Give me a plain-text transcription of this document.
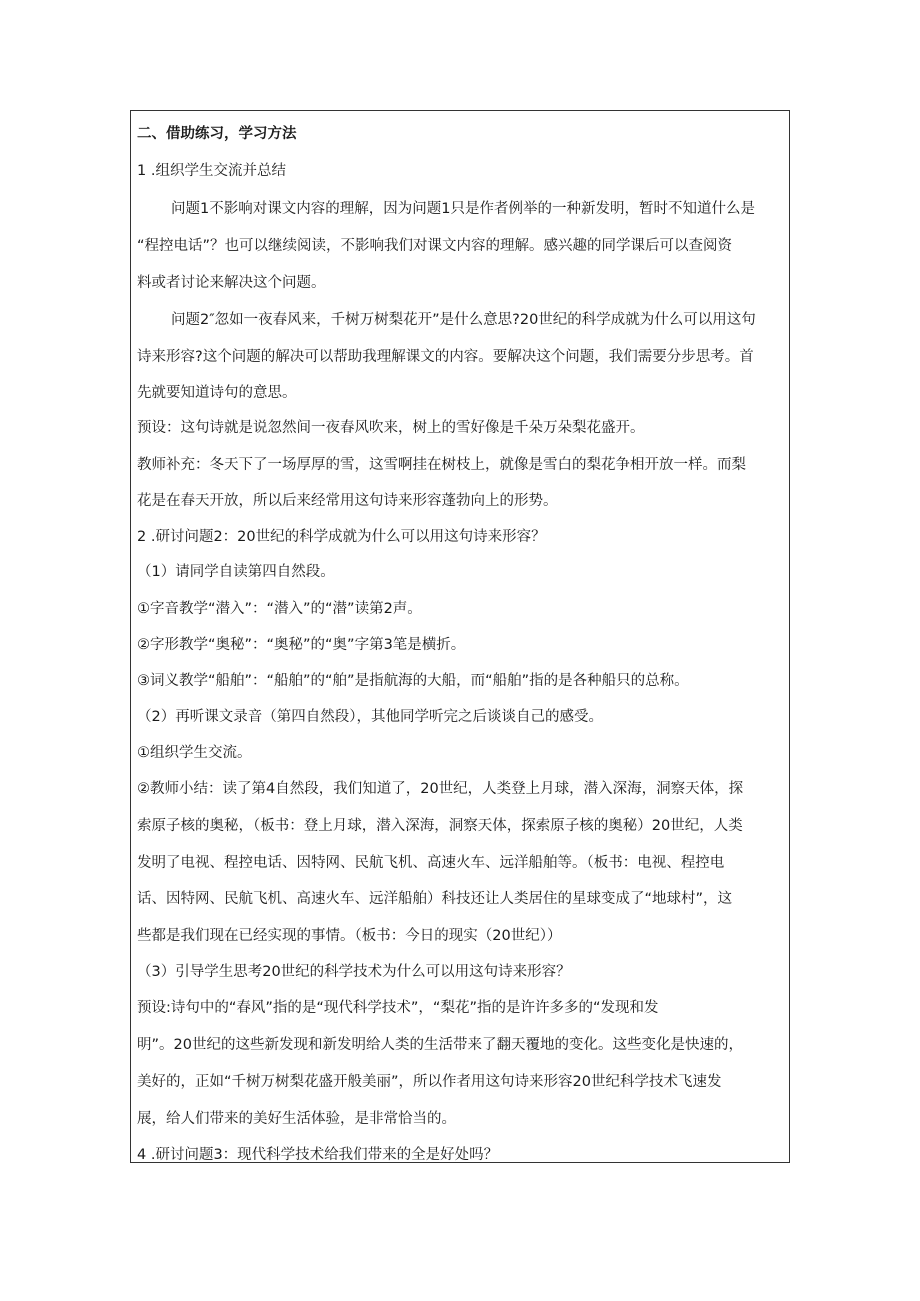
二、借助练习，学习方法

1 .组织学生交流并总结

问题1不影响对课文内容的理解，因为问题1只是作者例举的一种新发明，暂时不知道什么是

“程控电话”？也可以继续阅读，不影响我们对课文内容的理解。感兴趣的同学课后可以查阅资

料或者讨论来解决这个问题。

问题2″忽如一夜春风来，千树万树梨花开”是什么意思?20世纪的科学成就为什么可以用这句

诗来形容?这个问题的解决可以帮助我理解课文的内容。要解决这个问题，我们需要分步思考。首

先就要知道诗句的意思。

预设：这句诗就是说忽然间一夜春风吹来，树上的雪好像是千朵万朵梨花盛开。

教师补充：冬天下了一场厚厚的雪，这雪啊挂在树枝上，就像是雪白的梨花争相开放一样。而梨

花是在春天开放，所以后来经常用这句诗来形容蓬勃向上的形势。

2 .研讨问题2：20世纪的科学成就为什么可以用这句诗来形容？

（1）请同学自读第四自然段。

①字音教学“潜入”：“潜入”的“潜”读第2声。

②字形教学“奥秘”：“奥秘”的“奥”字第3笔是横折。

③词义教学“船舶”：“船舶”的“舶”是指航海的大船，而“船舶”指的是各种船只的总称。

（2）再听课文录音（第四自然段），其他同学听完之后谈谈自己的感受。

①组织学生交流。

②教师小结：读了第4自然段，我们知道了，20世纪，人类登上月球，潜入深海，洞察天体，探

索原子核的奥秘，（板书：登上月球，潜入深海，洞察天体，探索原子核的奥秘）20世纪，人类

发明了电视、程控电话、因特网、民航飞机、高速火车、远洋船舶等。（板书：电视、程控电

话、因特网、民航飞机、高速火车、远洋船舶）科技还让人类居住的星球变成了“地球村”，这

些都是我们现在已经实现的事情。（板书：今日的现实（20世纪））

（3）引导学生思考20世纪的科学技术为什么可以用这句诗来形容？

预设:诗句中的“春风”指的是“现代科学技术”，“梨花”指的是许许多多的“发现和发

明”。20世纪的这些新发现和新发明给人类的生活带来了翻天覆地的变化。这些变化是快速的，

美好的，正如“千树万树梨花盛开般美丽”，所以作者用这句诗来形容20世纪科学技术飞速发

展，给人们带来的美好生活体验，是非常恰当的。

4 .研讨问题3：现代科学技术给我们带来的全是好处吗？
